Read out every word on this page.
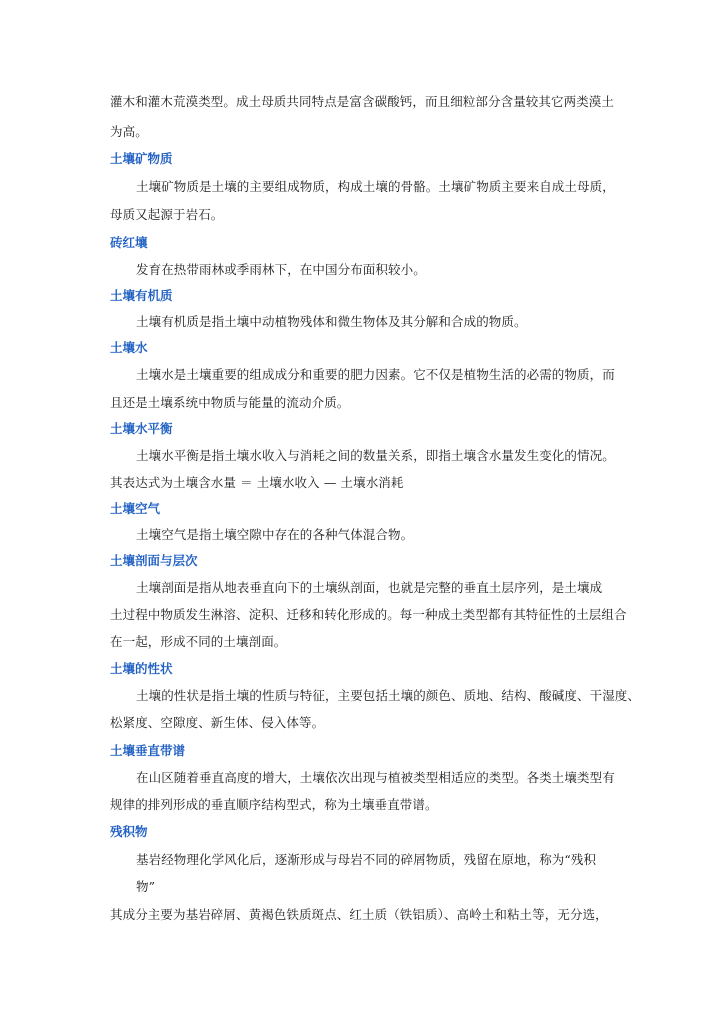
灌木和灌木荒漠类型。成土母质共同特点是富含碳酸钙，而且细粒部分含量较其它两类漠土
为高。
土壤矿物质
土壤矿物质是土壤的主要组成物质，构成土壤的骨骼。土壤矿物质主要来自成土母质，
母质又起源于岩石。
砖红壤
发育在热带雨林或季雨林下，在中国分布面积较小。
土壤有机质
土壤有机质是指土壤中动植物残体和微生物体及其分解和合成的物质。
土壤水
土壤水是土壤重要的组成成分和重要的肥力因素。它不仅是植物生活的必需的物质，而
且还是土壤系统中物质与能量的流动介质。
土壤水平衡
土壤水平衡是指土壤水收入与消耗之间的数量关系，即指土壤含水量发生变化的情况。
其表达式为土壤含水量 ＝ 土壤水收入 — 土壤水消耗
土壤空气
土壤空气是指土壤空隙中存在的各种气体混合物。
土壤剖面与层次
土壤剖面是指从地表垂直向下的土壤纵剖面，也就是完整的垂直土层序列，是土壤成
土过程中物质发生淋溶、淀积、迁移和转化形成的。每一种成土类型都有其特征性的土层组合
在一起，形成不同的土壤剖面。
土壤的性状
土壤的性状是指土壤的性质与特征，主要包括土壤的颜色、质地、结构、酸碱度、干湿度、
松紧度、空隙度、新生体、侵入体等。
土壤垂直带谱
在山区随着垂直高度的增大，土壤依次出现与植被类型相适应的类型。各类土壤类型有
规律的排列形成的垂直顺序结构型式，称为土壤垂直带谱。
残积物
基岩经物理化学风化后，逐渐形成与母岩不同的碎屑物质，残留在原地，称为“残积
物”
其成分主要为基岩碎屑、黄褐色铁质斑点、红土质（铁铝质）、高岭土和粘土等，无分选，
